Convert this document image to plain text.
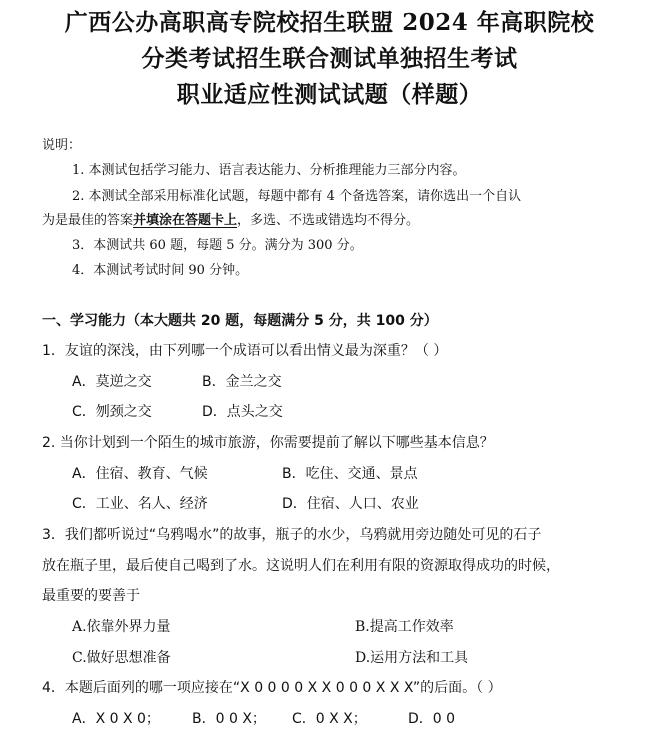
广西公办高职高专院校招生联盟 2024 年高职院校
分类考试招生联合测试单独招生考试
职业适应性测试试题（样题）
说明：
1. 本测试包括学习能力、语言表达能力、分析推理能力三部分内容。
2. 本测试全部采用标准化试题，每题中都有 4 个备选答案，请你选出一个自认
为是最佳的答案并填涂在答题卡上，多选、不选或错选均不得分。
3．本测试共 60 题，每题 5 分。满分为 300 分。
4．本测试考试时间 90 分钟。
一、学习能力（本大题共 20 题，每题满分 5 分，共 100 分）
1．友谊的深浅，由下列哪一个成语可以看出情义最为深重？（ ）
A．莫逆之交	B．金兰之交
C．刎颈之交	D．点头之交
2. 当你计划到一个陌生的城市旅游，你需要提前了解以下哪些基本信息？
A．住宿、教育、气候	B．吃住、交通、景点
C．工业、名人、经济	D．住宿、人口、农业
3．我们都听说过“乌鸦喝水”的故事，瓶子的水少，乌鸦就用旁边随处可见的石子
放在瓶子里，最后使自己喝到了水。这说明人们在利用有限的资源取得成功的时候，
最重要的要善于
A.依靠外界力量	B.提高工作效率
C.做好思想准备	D.运用方法和工具
4．本题后面列的哪一项应接在“X 0 0 0 0 X X 0 0 0 X X X”的后面。（ ）
A．X 0 X 0； B．0 0 X； C．0 X X；	D．0 0
